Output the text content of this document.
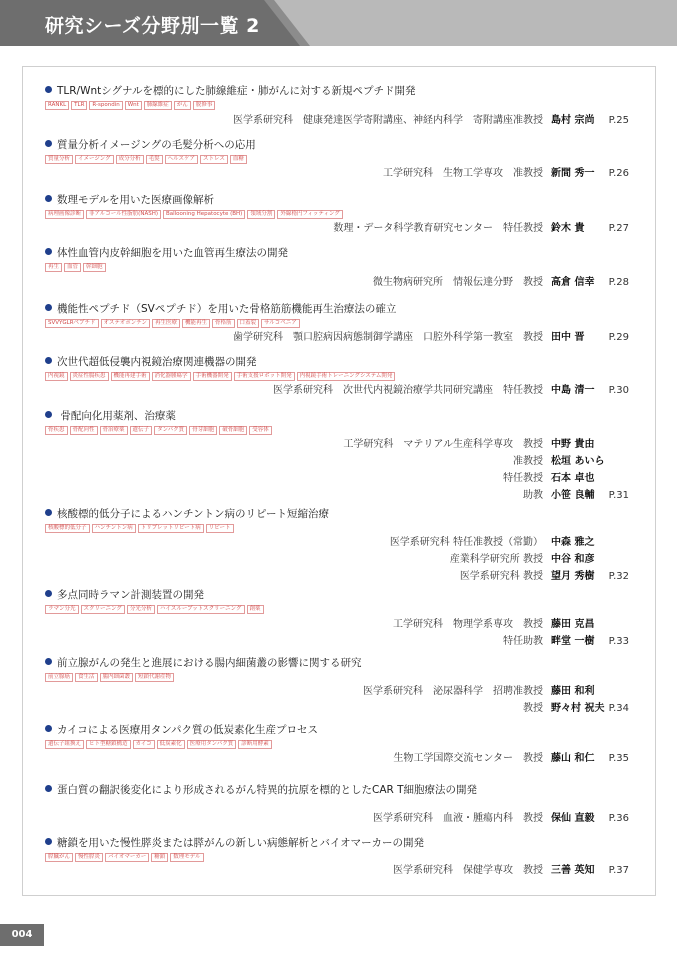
研究シーズ分野別一覧 2
TLR/Wntシグナルを標的にした肺線維症・肺がんに対する新規ペプチド開発
RANKL TLR R-spondin Wnt 肺線維症 がん 脱修事
医学系研究科　健康発達医学寄附講座、神経内科学　寄附講座准教授 島村 宗尚 P.25
質量分析イメージングの毛髪分析への応用
質量分析 イメージング 成分分析 毛髪 ヘルスケア ストレス 血糖
工学研究科　生物工学専攻　准教授 新間 秀一 P.26
数理モデルを用いた医療画像解析
病理画像診断 非アルコール性脂肪(NASH) Ballooning Hepatocyte (BH) 領域分割 外線楕円フィッティング
数理・データ科学教育研究センター　特任教授 鈴木 貴 P.27
体性血管内皮幹細胞を用いた血管再生療法の開発
再生 血管 幹細胞
微生物病研究所　情報伝達分野　教授 高倉 信幸 P.28
機能性ペプチド（SVペプチド）を用いた骨格筋筋機能再生治療法の確立
SVVYGLRペプチド オステオポンチン 再生医療 機能再生 骨格筋 口蓋裂 サルコペニア
歯学研究科　顎口腔病因病態制御学講座　口腔外科学第一教室　教授 田中 晋 P.29
次世代超低侵襲内視鏡治療関連機器の開発
内視鏡 炎症性腸疾患 機能再建手術 消化器腫瘍学 手術機器開発 手術支援ロボット開発 内視鏡手術トレーニングシステム開発
医学系研究科　次世代内視鏡治療学共同研究講座　特任教授 中島 清一 P.30
骨配向化用薬剤、治療薬
骨疾患 骨配向性 骨治療薬 遺伝子 タンパク質 骨芽細胞 破骨細胞 受容体
工学研究科　マテリアル生産科学専攻　教授 中野 貴由
准教授 松垣 あいら
特任教授 石本 卓也
助教 小笹 良輔 P.31
核酸標的低分子によるハンチントン病のリピート短縮治療
核酸標的低分子 ハンチントン病 トリプレットリピート病 リピート
医学系研究科 特任准教授（常勤） 中森 雅之
産業科学研究所 教授 中谷 和彦
医学系研究科 教授 望月 秀樹 P.32
多点同時ラマン計測装置の開発
ラマン分光 スクリーニング 分光分析 ハイスループットスクリーニング 創薬
工学研究科　物理学系専攻　教授 藤田 克昌
特任助教 畔堂 一樹 P.33
前立腺がんの発生と進展における腸内細菌叢の影響に関する研究
前立腺癌 食生活 腸内細菌叢 短鎖代謝産物
医学系研究科　泌尿器科学　招聘准教授 藤田 和利
教授 野々村 祝夫 P.34
カイコによる医療用タンパク質の低炭素化生産プロセス
遺伝子組換え ヒト型糖鎖構造 カイコ 低炭素化 医療用タンパク質 診断用酵素
生物工学国際交流センター　教授 藤山 和仁 P.35
蛋白質の翻訳後変化により形成されるがん特異的抗原を標的としたCAR T細胞療法の開発
医学系研究科　血液・腫瘍内科　教授 保仙 直毅 P.36
糖鎖を用いた慢性膵炎または膵がんの新しい病態解析とバイオマーカーの開発
膵臓がん 慢性膵炎 バイオマーカー 糖鎖 数理モデル
医学系研究科　保健学専攻　教授 三善 英知 P.37
004
